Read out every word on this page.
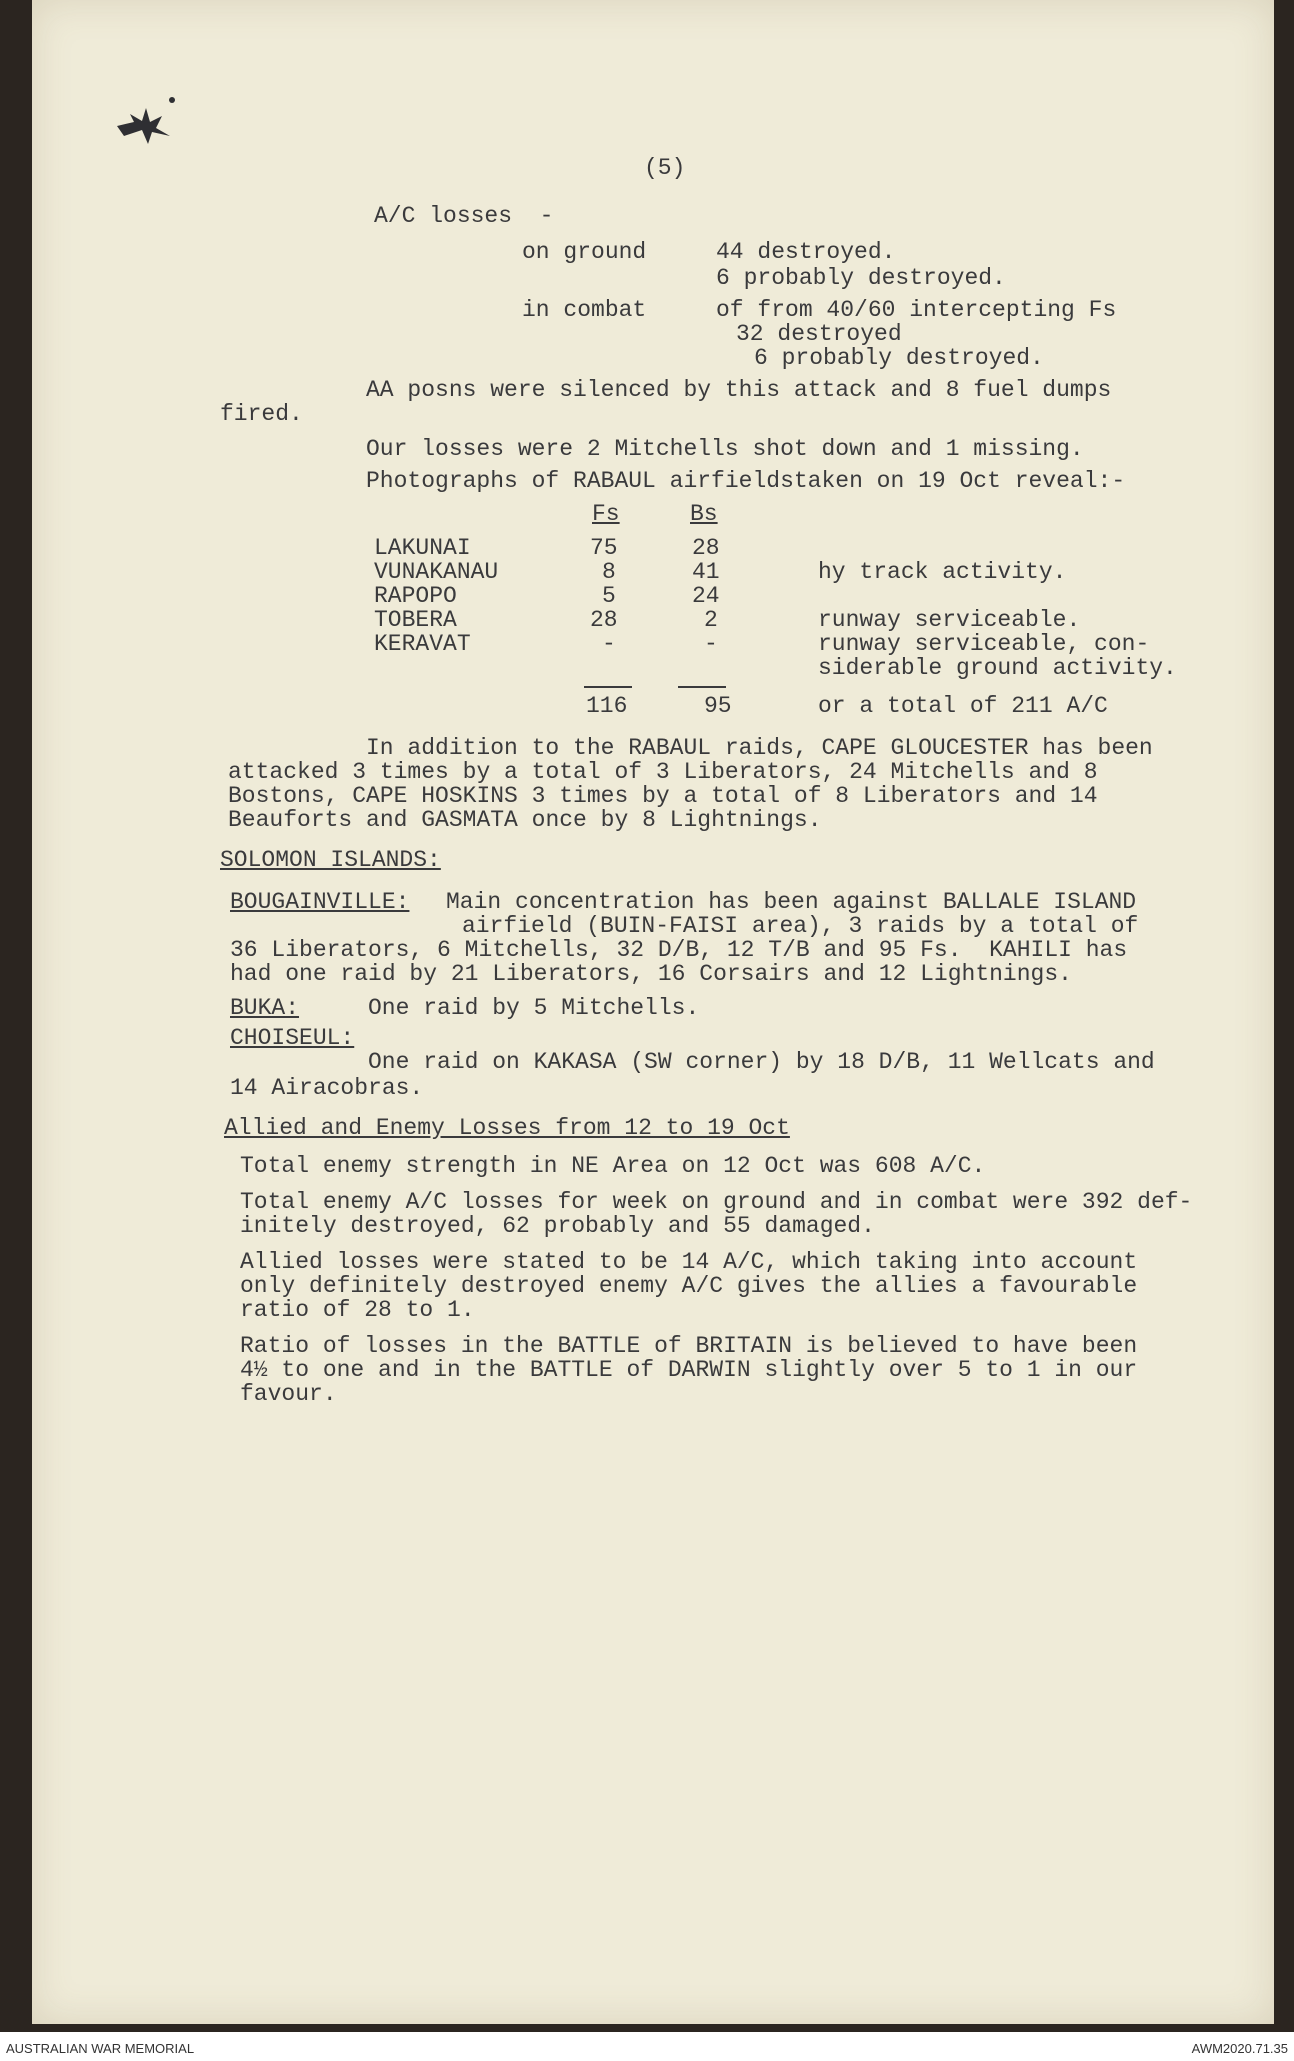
(5)
A/C losses  -
on ground	44 destroyed.
6 probably destroyed.
in combat	of from 40/60 intercepting Fs
32 destroyed
6 probably destroyed.
AA posns were silenced by this attack and 8 fuel dumps
fired.
Our losses were 2 Mitchells shot down and 1 missing.
Photographs of RABAUL airfieldstaken on 19 Oct reveal:-
Fs	Bs
LAKUNAI	75	28
VUNAKANAU	8	41	hy track activity.
RAPOPO	5	24
TOBERA	28	2	runway serviceable.
KERAVAT	-	-	runway serviceable, con-
siderable ground activity.
116	95	or a total of 211 A/C
In addition to the RABAUL raids, CAPE GLOUCESTER has been
attacked 3 times by a total of 3 Liberators, 24 Mitchells and 8
Bostons, CAPE HOSKINS 3 times by a total of 8 Liberators and 14
Beauforts and GASMATA once by 8 Lightnings.
SOLOMON ISLANDS:
BOUGAINVILLE: Main concentration has been against BALLALE ISLAND
airfield (BUIN-FAISI area), 3 raids by a total of
36 Liberators, 6 Mitchells, 32 D/B, 12 T/B and 95 Fs.  KAHILI has
had one raid by 21 Liberators, 16 Corsairs and 12 Lightnings.
BUKA:	One raid by 5 Mitchells.
CHOISEUL:
One raid on KAKASA (SW corner) by 18 D/B, 11 Wellcats and
14 Airacobras.
Allied and Enemy Losses from 12 to 19 Oct
Total enemy strength in NE Area on 12 Oct was 608 A/C.
Total enemy A/C losses for week on ground and in combat were 392 def-
initely destroyed, 62 probably and 55 damaged.
Allied losses were stated to be 14 A/C, which taking into account
only definitely destroyed enemy A/C gives the allies a favourable
ratio of 28 to 1.
Ratio of losses in the BATTLE of BRITAIN is believed to have been
4½ to one and in the BATTLE of DARWIN slightly over 5 to 1 in our
favour.
AUSTRALIAN WAR MEMORIAL	AWM2020.71.35
